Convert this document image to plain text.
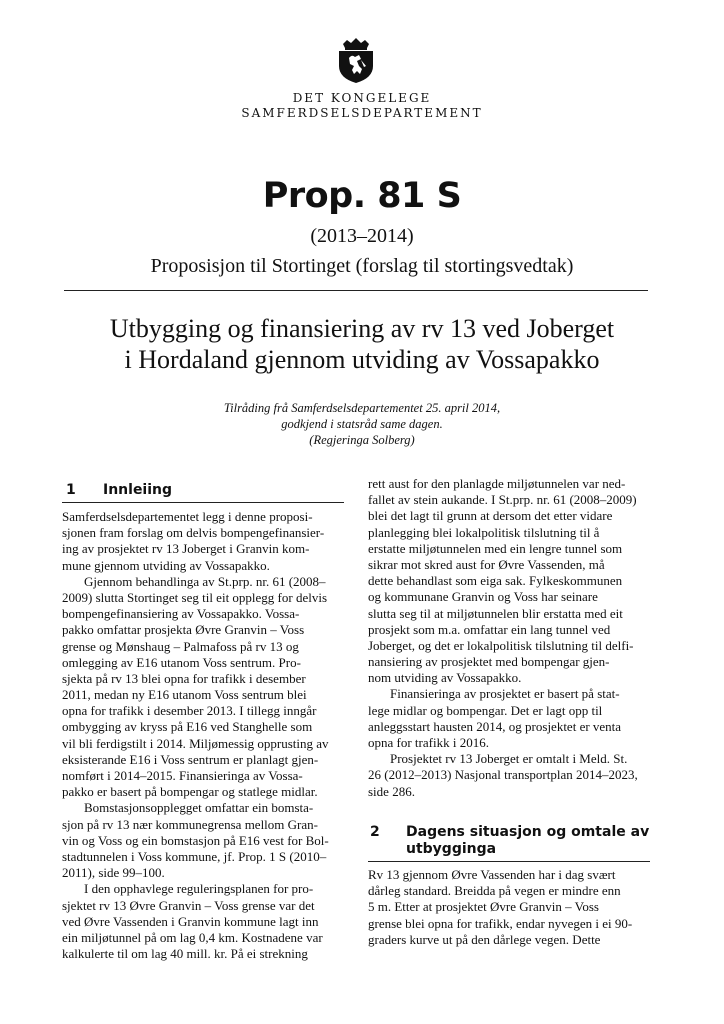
DET KONGELEGE
SAMFERDSELSDEPARTEMENT
Prop. 81 S
(2013–2014)
Proposisjon til Stortinget (forslag til stortingsvedtak)
Utbygging og finansiering av rv 13 ved Joberget
i Hordaland gjennom utviding av Vossapakko
Tilråding frå Samferdselsdepartementet 25. april 2014,
godkjend i statsråd same dagen.
(Regjeringa Solberg)
1 Innleiing
Samferdselsdepartementet legg i denne proposi-
sjonen fram forslag om delvis bompengefinansier-
ing av prosjektet rv 13 Joberget i Granvin kom-
mune gjennom utviding av Vossapakko.
Gjennom behandlinga av St.prp. nr. 61 (2008–
2009) slutta Stortinget seg til eit opplegg for delvis
bompengefinansiering av Vossapakko. Vossa-
pakko omfattar prosjekta Øvre Granvin – Voss
grense og Mønshaug – Palmafoss på rv 13 og
omlegging av E16 utanom Voss sentrum. Pro-
sjekta på rv 13 blei opna for trafikk i desember
2011, medan ny E16 utanom Voss sentrum blei
opna for trafikk i desember 2013. I tillegg inngår
ombygging av kryss på E16 ved Stanghelle som
vil bli ferdigstilt i 2014. Miljømessig opprusting av
eksisterande E16 i Voss sentrum er planlagt gjen-
nomført i 2014–2015. Finansieringa av Vossa-
pakko er basert på bompengar og statlege midlar.
Bomstasjonsopplegget omfattar ein bomsta-
sjon på rv 13 nær kommunegrensa mellom Gran-
vin og Voss og ein bomstasjon på E16 vest for Bol-
stadtunnelen i Voss kommune, jf. Prop. 1 S (2010–
2011), side 99–100.
I den opphavlege reguleringsplanen for pro-
sjektet rv 13 Øvre Granvin – Voss grense var det
ved Øvre Vassenden i Granvin kommune lagt inn
ein miljøtunnel på om lag 0,4 km. Kostnadene var
kalkulerte til om lag 40 mill. kr. På ei strekning
rett aust for den planlagde miljøtunnelen var ned-
fallet av stein aukande. I St.prp. nr. 61 (2008–2009)
blei det lagt til grunn at dersom det etter vidare
planlegging blei lokalpolitisk tilslutning til å
erstatte miljøtunnelen med ein lengre tunnel som
sikrar mot skred aust for Øvre Vassenden, må
dette behandlast som eiga sak. Fylkeskommunen
og kommunane Granvin og Voss har seinare
slutta seg til at miljøtunnelen blir erstatta med eit
prosjekt som m.a. omfattar ein lang tunnel ved
Joberget, og det er lokalpolitisk tilslutning til delfi-
nansiering av prosjektet med bompengar gjen-
nom utviding av Vossapakko.
Finansieringa av prosjektet er basert på stat-
lege midlar og bompengar. Det er lagt opp til
anleggsstart hausten 2014, og prosjektet er venta
opna for trafikk i 2016.
Prosjektet rv 13 Joberget er omtalt i Meld. St.
26 (2012–2013) Nasjonal transportplan 2014–2023,
side 286.
2 Dagens situasjon og omtale av
utbygginga
Rv 13 gjennom Øvre Vassenden har i dag svært
dårleg standard. Breidda på vegen er mindre enn
5 m. Etter at prosjektet Øvre Granvin – Voss
grense blei opna for trafikk, endar nyvegen i ei 90-
graders kurve ut på den dårlege vegen. Dette
